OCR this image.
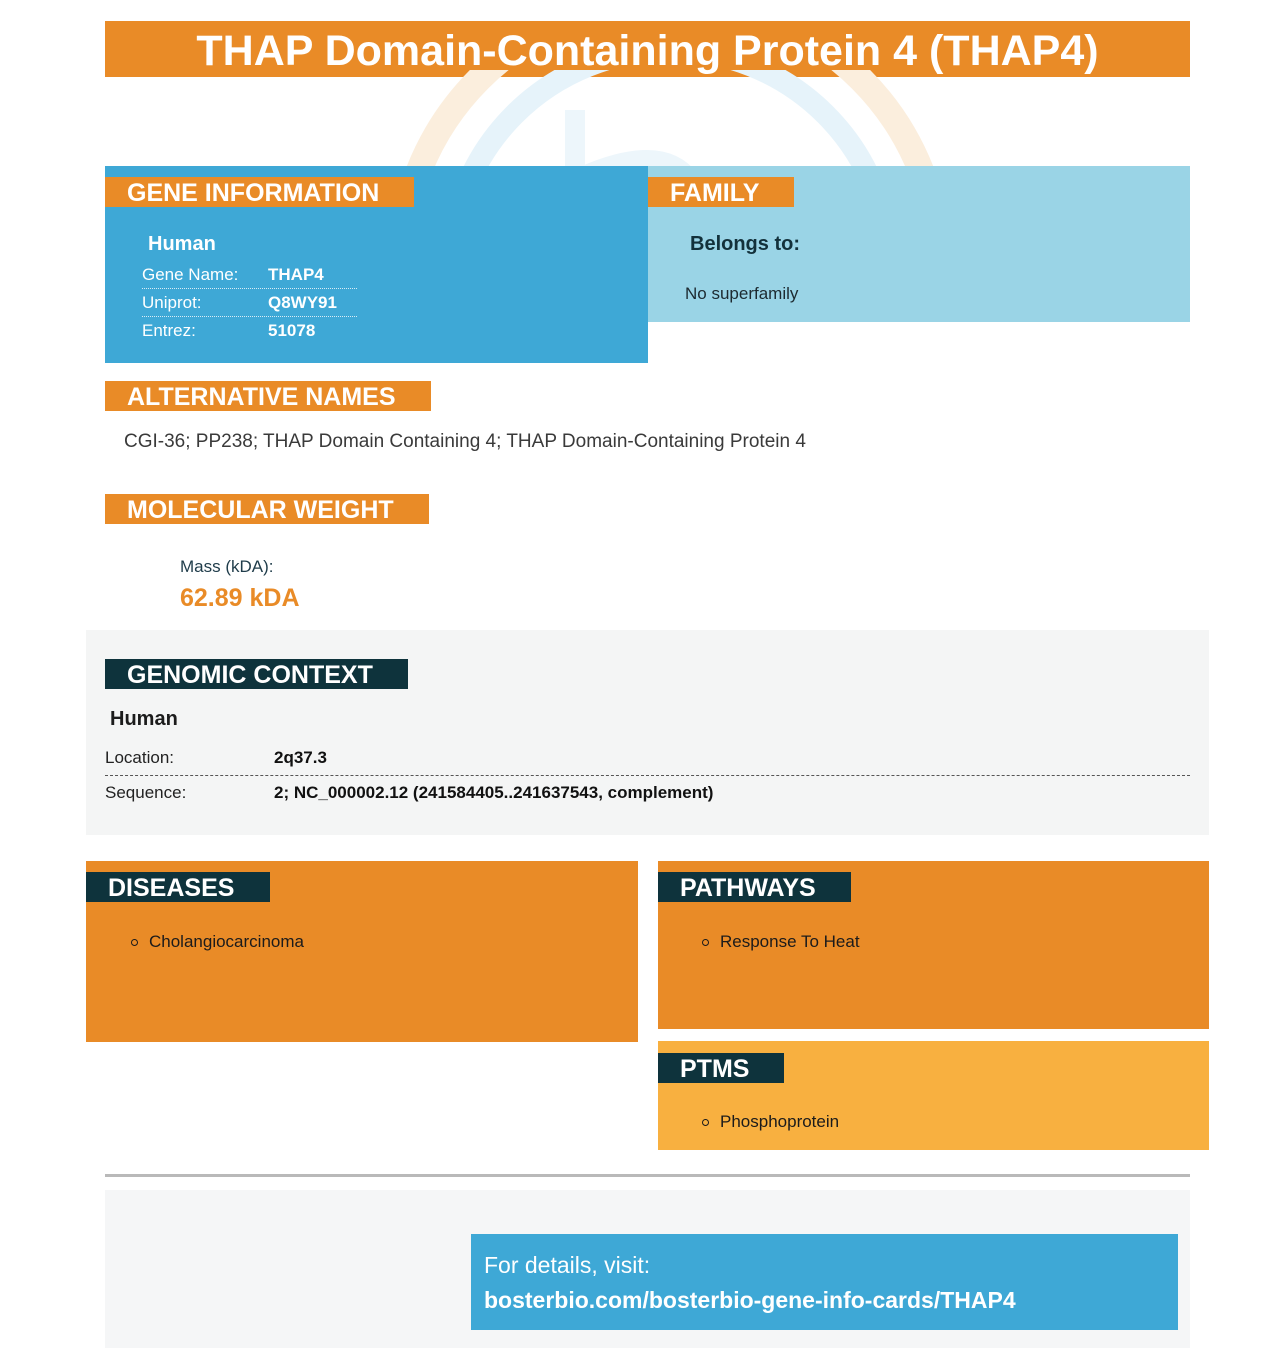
THAP Domain-Containing Protein 4 (THAP4)
GENE INFORMATION
Human
Gene Name:	THAP4
Uniprot:	Q8WY91
Entrez:	51078
FAMILY
Belongs to:
No superfamily
ALTERNATIVE NAMES
CGI-36; PP238; THAP Domain Containing 4; THAP Domain-Containing Protein 4
MOLECULAR WEIGHT
Mass (kDA):
62.89 kDA
GENOMIC CONTEXT
Human
Location:	2q37.3
Sequence:	2; NC_000002.12 (241584405..241637543, complement)
DISEASES
Cholangiocarcinoma
PATHWAYS
Response To Heat
PTMS
Phosphoprotein
For details, visit:
bosterbio.com/bosterbio-gene-info-cards/THAP4
